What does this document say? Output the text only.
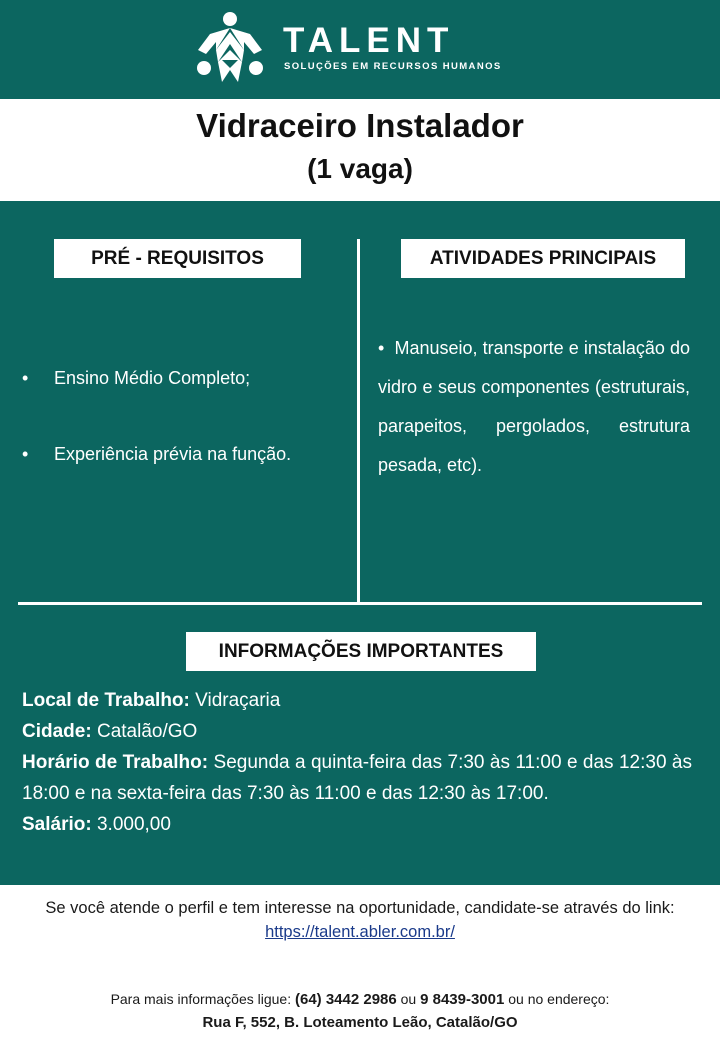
TALENT
SOLUÇÕES EM RECURSOS HUMANOS
Vidraceiro Instalador
(1 vaga)
PRÉ - REQUISITOS	ATIVIDADES PRINCIPAIS
• Ensino Médio Completo;
• Experiência prévia na função.
•  Manuseio, transporte e instalação do vidro e seus componentes (estruturais, parapeitos, pergolados, estrutura pesada, etc).
INFORMAÇÕES IMPORTANTES
Local de Trabalho: Vidraçaria
Cidade: Catalão/GO
Horário de Trabalho: Segunda a quinta-feira das 7:30 às 11:00 e das 12:30 às 18:00 e na sexta-feira das 7:30 às 11:00 e das 12:30 às 17:00.
Salário: 3.000,00
Se você atende o perfil e tem interesse na oportunidade, candidate-se através do link: https://talent.abler.com.br/
Para mais informações ligue: (64) 3442 2986 ou 9 8439-3001 ou no endereço:
Rua F, 552, B. Loteamento Leão, Catalão/GO
